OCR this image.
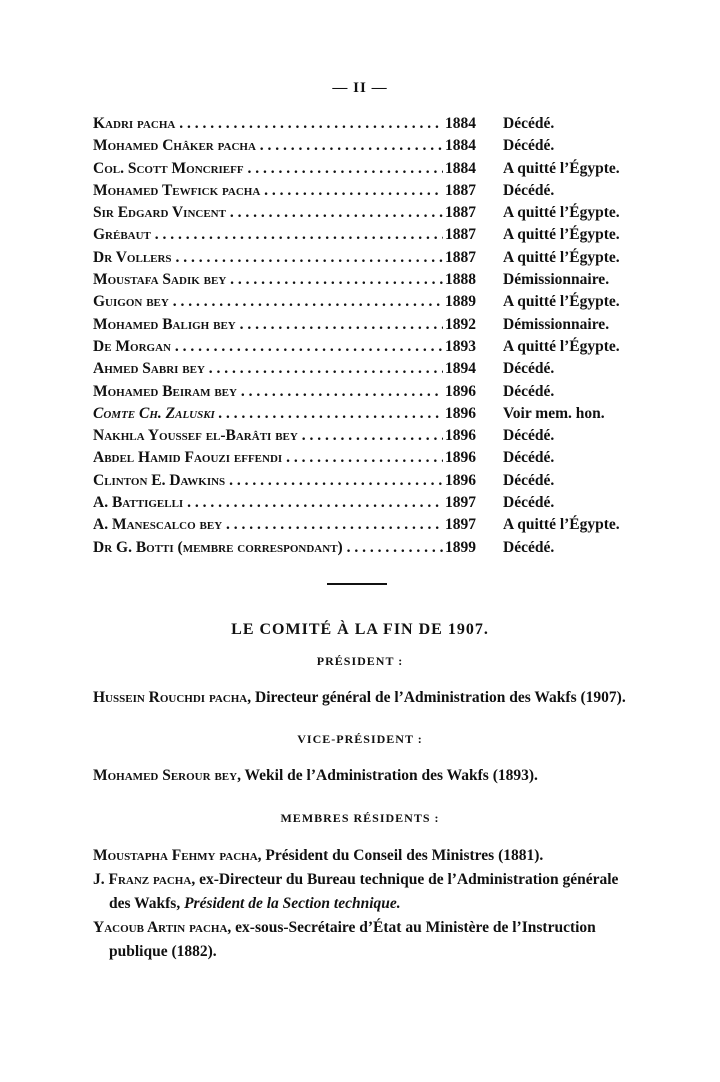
— II —
Kadri pacha . . .	1884	Décédé.
Mohamed Châker pacha . . .	1884	Décédé.
Col. Scott Moncrieff . . .	1884	A quitté l’Égypte.
Mohamed Tewfick pacha . . .	1887	Décédé.
Sir Edgard Vincent . . .	1887	A quitté l’Égypte.
Grébaut . . .	1887	A quitté l’Égypte.
Dr Vollers . . .	1887	A quitté l’Égypte.
Moustafa Sadik bey . . .	1888	Démissionnaire.
Guigon bey . . .	1889	A quitté l’Égypte.
Mohamed Baligh bey . . .	1892	Démissionnaire.
De Morgan . . .	1893	A quitté l’Égypte.
Ahmed Sabri bey . . .	1894	Décédé.
Mohamed Beiram bey . . .	1896	Décédé.
Comte Ch. Zaluski . . .	1896	Voir mem. hon.
Nakhla Youssef el-Barâti bey . . .	1896	Décédé.
Abdel Hamid Faouzi effendi . . .	1896	Décédé.
Clinton E. Dawkins . . .	1896	Décédé.
A. Battigelli . . .	1897	Décédé.
A. Manescalco bey . . .	1897	A quitté l’Égypte.
Dr G. Botti (membre correspondant) . . .	1899	Décédé.
LE COMITÉ À LA FIN DE 1907.
PRÉSIDENT :
Hussein Rouchdi pacha, Directeur général de l’Administration des Wakfs (1907).
VICE-PRÉSIDENT :
Mohamed Serour bey, Wekil de l’Administration des Wakfs (1893).
MEMBRES RÉSIDENTS :
Moustapha Fehmy pacha, Président du Conseil des Ministres (1881).
J. Franz pacha, ex-Directeur du Bureau technique de l’Administration générale des Wakfs, Président de la Section technique.
Yacoub Artin pacha, ex-sous-Secrétaire d’État au Ministère de l’Instruction publique (1882).
